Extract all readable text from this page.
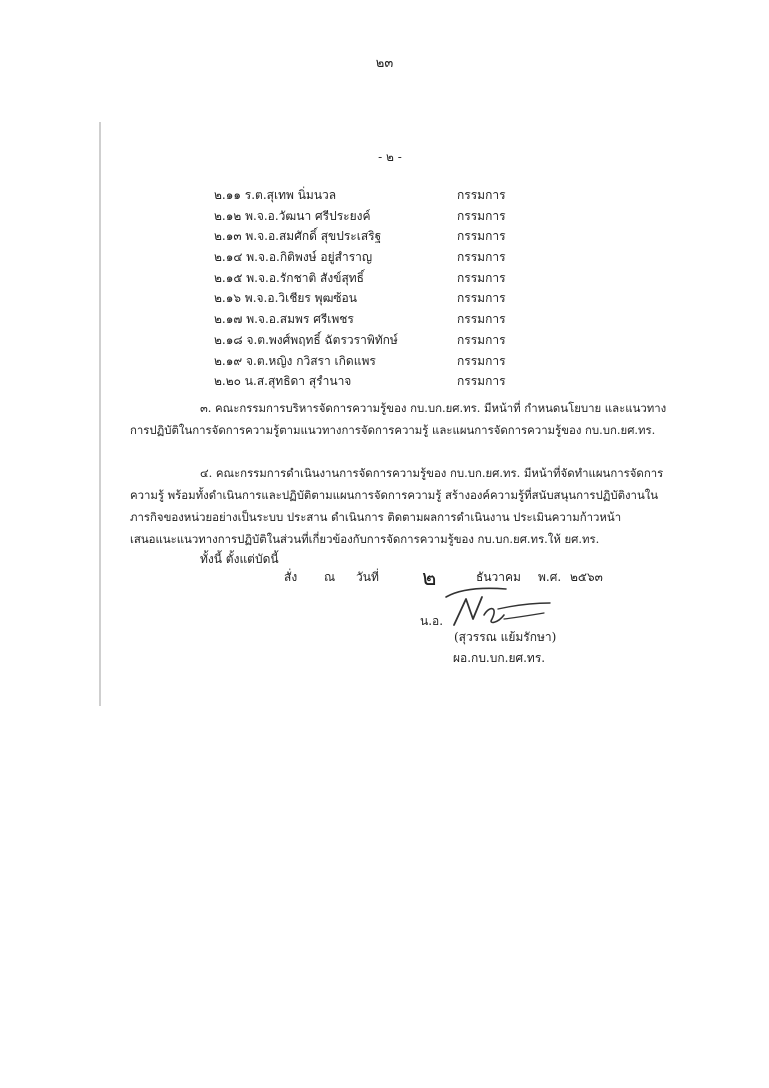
๒๓
- ๒ -
๒.๑๑ ร.ต.สุเทพ นิ่มนวล	กรรมการ
๒.๑๒ พ.จ.อ.วัฒนา ศรีประยงค์	กรรมการ
๒.๑๓ พ.จ.อ.สมศักดิ์ สุขประเสริฐ	กรรมการ
๒.๑๔ พ.จ.อ.กิติพงษ์ อยู่สำราญ	กรรมการ
๒.๑๕ พ.จ.อ.รักชาติ สังข์สุทธิ์	กรรมการ
๒.๑๖ พ.จ.อ.วิเชียร พุฒซ้อน	กรรมการ
๒.๑๗ พ.จ.อ.สมพร ศรีเพชร	กรรมการ
๒.๑๘ จ.ต.พงศ์พฤทธิ์ ฉัตรวราพิทักษ์	กรรมการ
๒.๑๙ จ.ต.หญิง กวิสรา เกิดแพร	กรรมการ
๒.๒๐ น.ส.สุทธิดา สุรำนาจ	กรรมการ
๓. คณะกรรมการบริหารจัดการความรู้ของ กบ.บก.ยศ.ทร. มีหน้าที่ กำหนดนโยบาย และแนวทาง
การปฏิบัติในการจัดการความรู้ตามแนวทางการจัดการความรู้ และแผนการจัดการความรู้ของ กบ.บก.ยศ.ทร.
๔. คณะกรรมการดำเนินงานการจัดการความรู้ของ กบ.บก.ยศ.ทร. มีหน้าที่จัดทำแผนการจัดการ
ความรู้ พร้อมทั้งดำเนินการและปฏิบัติตามแผนการจัดการความรู้ สร้างองค์ความรู้ที่สนับสนุนการปฏิบัติงานใน
ภารกิจของหน่วยอย่างเป็นระบบ ประสาน ดำเนินการ ติดตามผลการดำเนินงาน ประเมินความก้าวหน้า
เสนอแนะแนวทางการปฏิบัติในส่วนที่เกี่ยวข้องกับการจัดการความรู้ของ กบ.บก.ยศ.ทร.ให้ ยศ.ทร.
ทั้งนี้ ตั้งแต่บัดนี้
สั่ง ณ วันที่ ๒	ธันวาคม พ.ศ. ๒๕๖๓
น.อ.
(สุวรรณ แย้มรักษา)
ผอ.กบ.บก.ยศ.ทร.
